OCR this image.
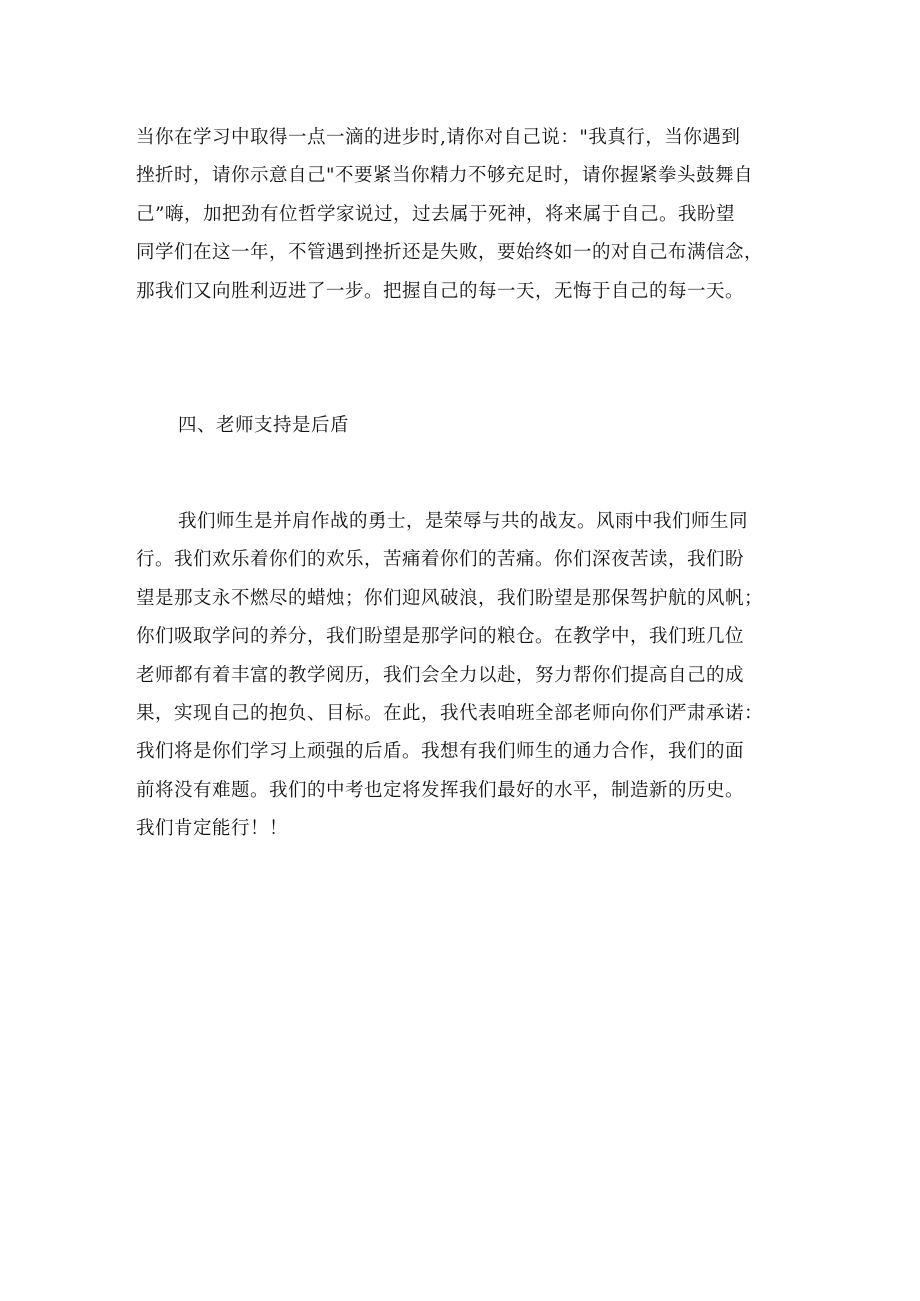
当你在学习中取得一点一滴的进步时,请你对自己说："我真行，当你遇到
挫折时，请你示意自己"不要紧当你精力不够充足时，请你握紧拳头鼓舞自
己”嗨，加把劲有位哲学家说过，过去属于死神，将来属于自己。我盼望
同学们在这一年，不管遇到挫折还是失败，要始终如一的对自己布满信念，
那我们又向胜利迈进了一步。把握自己的每一天，无悔于自己的每一天。

四、老师支持是后盾

我们师生是并肩作战的勇士，是荣辱与共的战友。风雨中我们师生同
行。我们欢乐着你们的欢乐，苦痛着你们的苦痛。你们深夜苦读，我们盼
望是那支永不燃尽的蜡烛；你们迎风破浪，我们盼望是那保驾护航的风帆；
你们吸取学问的养分，我们盼望是那学问的粮仓。在教学中，我们班几位
老师都有着丰富的教学阅历，我们会全力以赴，努力帮你们提高自己的成
果，实现自己的抱负、目标。在此，我代表咱班全部老师向你们严肃承诺：
我们将是你们学习上顽强的后盾。我想有我们师生的通力合作，我们的面
前将没有难题。我们的中考也定将发挥我们最好的水平，制造新的历史。
我们肯定能行！！
